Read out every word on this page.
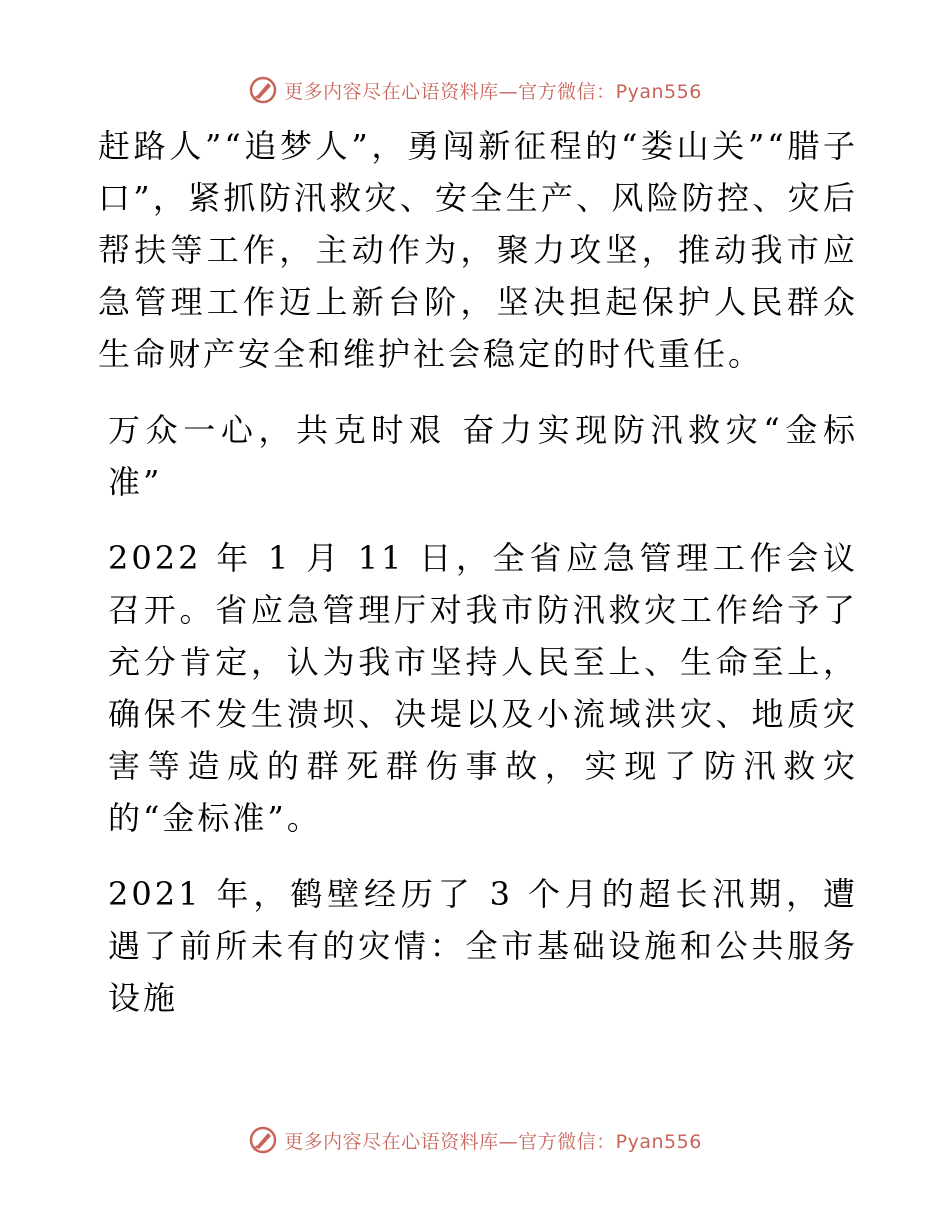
更多内容尽在心语资料库—官方微信：Pyan556

赶路人”“追梦人”，勇闯新征程的“娄山关”“腊子口”，紧抓防汛救灾、安全生产、风险防控、灾后帮扶等工作，主动作为，聚力攻坚，推动我市应急管理工作迈上新台阶，坚决担起保护人民群众生命财产安全和维护社会稳定的时代重任。

万众一心，共克时艰 奋力实现防汛救灾“金标准”

2022 年 1 月 11 日，全省应急管理工作会议召开。省应急管理厅对我市防汛救灾工作给予了充分肯定，认为我市坚持人民至上、生命至上，确保不发生溃坝、决堤以及小流域洪灾、地质灾害等造成的群死群伤事故，实现了防汛救灾的“金标准”。

2021 年，鹤壁经历了 3 个月的超长汛期，遭遇了前所未有的灾情：全市基础设施和公共服务设施

更多内容尽在心语资料库—官方微信：Pyan556
